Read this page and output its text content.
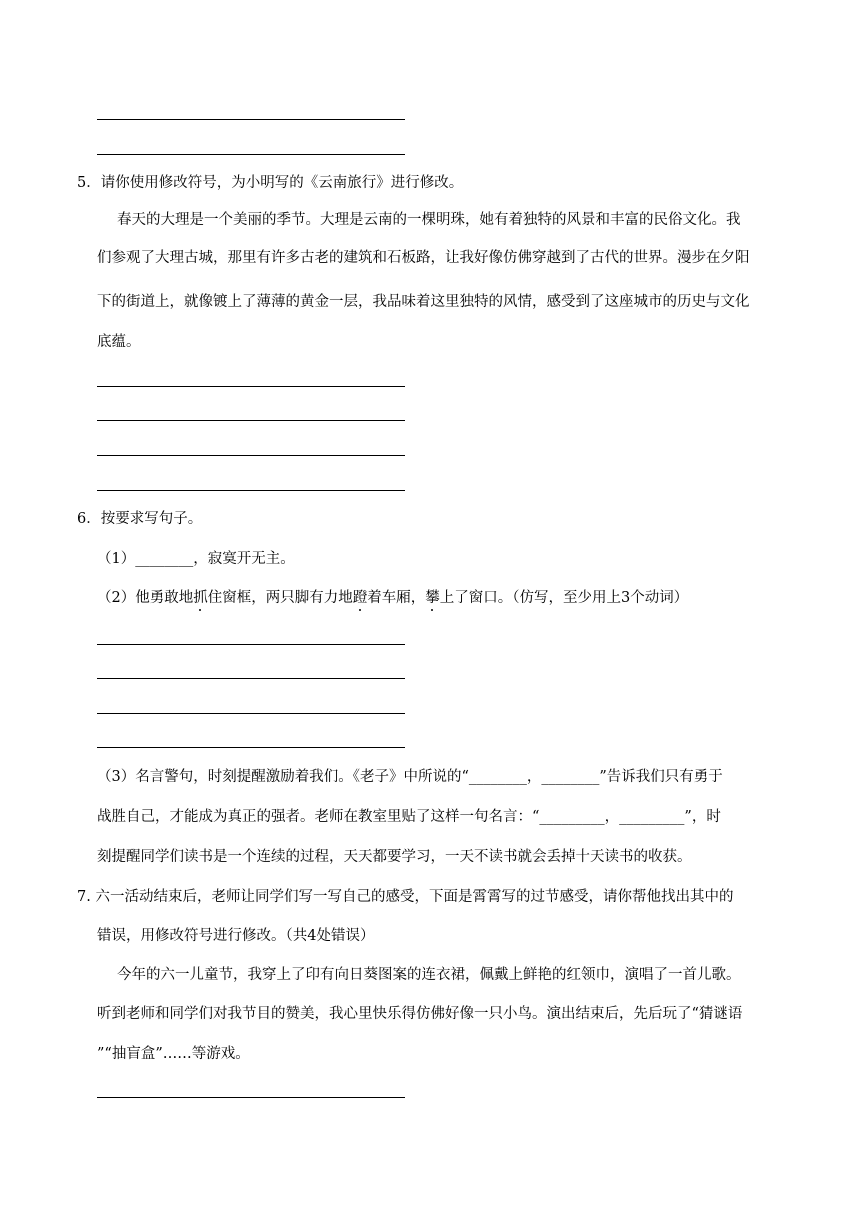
5．请你使用修改符号，为小明写的《云南旅行》进行修改。
春天的大理是一个美丽的季节。大理是云南的一棵明珠，她有着独特的风景和丰富的民俗文化。我
们参观了大理古城，那里有许多古老的建筑和石板路，让我好像仿佛穿越到了古代的世界。漫步在夕阳
下的街道上，就像镀上了薄薄的黄金一层，我品味着这里独特的风情，感受到了这座城市的历史与文化
底蕴。
6．按要求写句子。
（1）________，寂寞开无主。
（2）他勇敢地抓住窗框，两只脚有力地蹬着车厢，攀上了窗口。（仿写，至少用上3个动词）
（3）名言警句，时刻提醒激励着我们。《老子》中所说的“________，________”告诉我们只有勇于
战胜自己，才能成为真正的强者。老师在教室里贴了这样一句名言：“_________，_________”，时
刻提醒同学们读书是一个连续的过程，天天都要学习，一天不读书就会丢掉十天读书的收获。
7. 六一活动结束后，老师让同学们写一写自己的感受，下面是霄霄写的过节感受，请你帮他找出其中的
错误，用修改符号进行修改。（共4处错误）
今年的六一儿童节，我穿上了印有向日葵图案的连衣裙，佩戴上鲜艳的红领巾，演唱了一首儿歌。
听到老师和同学们对我节目的赞美，我心里快乐得仿佛好像一只小鸟。演出结束后，先后玩了“猜谜语
”“抽盲盒”……等游戏。
